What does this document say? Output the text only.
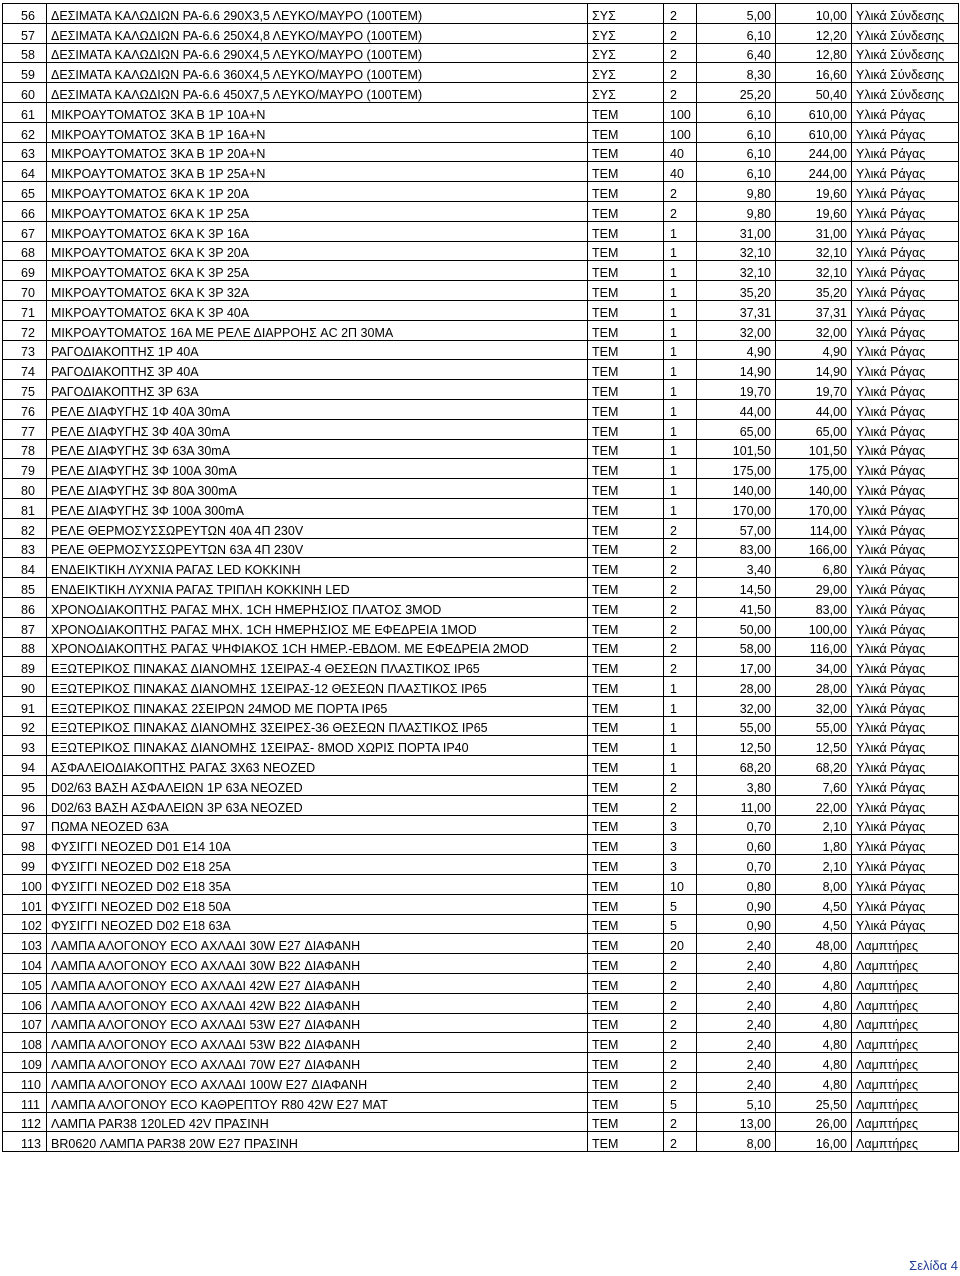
56	ΔΕΣΙΜΑΤΑ ΚΑΛΩΔΙΩΝ PA-6.6 290Χ3,5 ΛΕΥΚΟ/ΜΑΥΡΟ (100ΤΕΜ)	ΣΥΣ	2	5,00	10,00	Υλικά Σύνδεσης
57	ΔΕΣΙΜΑΤΑ ΚΑΛΩΔΙΩΝ PA-6.6 250Χ4,8 ΛΕΥΚΟ/ΜΑΥΡΟ (100ΤΕΜ)	ΣΥΣ	2	6,10	12,20	Υλικά Σύνδεσης
58	ΔΕΣΙΜΑΤΑ ΚΑΛΩΔΙΩΝ PA-6.6 290Χ4,5 ΛΕΥΚΟ/ΜΑΥΡΟ (100ΤΕΜ)	ΣΥΣ	2	6,40	12,80	Υλικά Σύνδεσης
59	ΔΕΣΙΜΑΤΑ ΚΑΛΩΔΙΩΝ PA-6.6 360Χ4,5 ΛΕΥΚΟ/ΜΑΥΡΟ (100ΤΕΜ)	ΣΥΣ	2	8,30	16,60	Υλικά Σύνδεσης
60	ΔΕΣΙΜΑΤΑ ΚΑΛΩΔΙΩΝ PA-6.6 450Χ7,5 ΛΕΥΚΟ/ΜΑΥΡΟ (100ΤΕΜ)	ΣΥΣ	2	25,20	50,40	Υλικά Σύνδεσης
61	ΜΙΚΡΟΑΥΤΟΜΑΤΟΣ 3ΚΑ Β 1Ρ 10Α+Ν	ΤΕΜ	100	6,10	610,00	Υλικά Ράγας
62	ΜΙΚΡΟΑΥΤΟΜΑΤΟΣ 3ΚΑ Β 1Ρ 16Α+Ν	ΤΕΜ	100	6,10	610,00	Υλικά Ράγας
63	ΜΙΚΡΟΑΥΤΟΜΑΤΟΣ 3ΚΑ Β 1Ρ 20Α+Ν	ΤΕΜ	40	6,10	244,00	Υλικά Ράγας
64	ΜΙΚΡΟΑΥΤΟΜΑΤΟΣ 3ΚΑ Β 1Ρ 25Α+Ν	ΤΕΜ	40	6,10	244,00	Υλικά Ράγας
65	ΜΙΚΡΟΑΥΤΟΜΑΤΟΣ 6ΚΑ Κ 1Ρ 20Α	ΤΕΜ	2	9,80	19,60	Υλικά Ράγας
66	ΜΙΚΡΟΑΥΤΟΜΑΤΟΣ 6ΚΑ Κ 1Ρ 25Α	ΤΕΜ	2	9,80	19,60	Υλικά Ράγας
67	ΜΙΚΡΟΑΥΤΟΜΑΤΟΣ 6ΚΑ Κ 3Ρ 16Α	ΤΕΜ	1	31,00	31,00	Υλικά Ράγας
68	ΜΙΚΡΟΑΥΤΟΜΑΤΟΣ 6ΚΑ Κ 3Ρ 20Α	ΤΕΜ	1	32,10	32,10	Υλικά Ράγας
69	ΜΙΚΡΟΑΥΤΟΜΑΤΟΣ 6ΚΑ Κ 3Ρ 25Α	ΤΕΜ	1	32,10	32,10	Υλικά Ράγας
70	ΜΙΚΡΟΑΥΤΟΜΑΤΟΣ 6ΚΑ Κ 3Ρ 32Α	ΤΕΜ	1	35,20	35,20	Υλικά Ράγας
71	ΜΙΚΡΟΑΥΤΟΜΑΤΟΣ 6ΚΑ Κ 3Ρ 40Α	ΤΕΜ	1	37,31	37,31	Υλικά Ράγας
72	ΜΙΚΡΟΑΥΤΟΜΑΤΟΣ 16Α ΜΕ ΡΕΛΕ ΔΙΑΡΡΟΗΣ AC 2Π 30ΜΑ	ΤΕΜ	1	32,00	32,00	Υλικά Ράγας
73	ΡΑΓΟΔΙΑΚΟΠΤΗΣ 1Ρ 40Α	ΤΕΜ	1	4,90	4,90	Υλικά Ράγας
74	ΡΑΓΟΔΙΑΚΟΠΤΗΣ 3Ρ 40Α	ΤΕΜ	1	14,90	14,90	Υλικά Ράγας
75	ΡΑΓΟΔΙΑΚΟΠΤΗΣ 3Ρ 63Α	ΤΕΜ	1	19,70	19,70	Υλικά Ράγας
76	ΡΕΛΕ ΔΙΑΦΥΓΗΣ 1Φ 40Α 30mA	ΤΕΜ	1	44,00	44,00	Υλικά Ράγας
77	ΡΕΛΕ ΔΙΑΦΥΓΗΣ 3Φ 40Α 30mA	ΤΕΜ	1	65,00	65,00	Υλικά Ράγας
78	ΡΕΛΕ ΔΙΑΦΥΓΗΣ 3Φ 63Α 30mA	ΤΕΜ	1	101,50	101,50	Υλικά Ράγας
79	ΡΕΛΕ ΔΙΑΦΥΓΗΣ 3Φ 100Α 30mA	ΤΕΜ	1	175,00	175,00	Υλικά Ράγας
80	ΡΕΛΕ ΔΙΑΦΥΓΗΣ 3Φ 80Α 300mA	ΤΕΜ	1	140,00	140,00	Υλικά Ράγας
81	ΡΕΛΕ ΔΙΑΦΥΓΗΣ 3Φ 100Α 300mA	ΤΕΜ	1	170,00	170,00	Υλικά Ράγας
82	ΡΕΛΕ ΘΕΡΜΟΣΥΣΣΩΡΕΥΤΩΝ 40Α 4Π 230V	ΤΕΜ	2	57,00	114,00	Υλικά Ράγας
83	ΡΕΛΕ ΘΕΡΜΟΣΥΣΣΩΡΕΥΤΩΝ 63Α 4Π 230V	ΤΕΜ	2	83,00	166,00	Υλικά Ράγας
84	ΕΝΔΕΙΚΤΙΚΗ ΛΥΧΝΙΑ ΡΑΓΑΣ LED ΚΟΚΚΙΝΗ	ΤΕΜ	2	3,40	6,80	Υλικά Ράγας
85	ΕΝΔΕΙΚΤΙΚΗ ΛΥΧΝΙΑ ΡΑΓΑΣ ΤΡΙΠΛΗ ΚΟΚΚΙΝΗ LED	ΤΕΜ	2	14,50	29,00	Υλικά Ράγας
86	ΧΡΟΝΟΔΙΑΚΟΠΤΗΣ ΡΑΓΑΣ ΜΗΧ. 1CH ΗΜΕΡΗΣΙΟΣ ΠΛΑΤΟΣ 3MOD	ΤΕΜ	2	41,50	83,00	Υλικά Ράγας
87	ΧΡΟΝΟΔΙΑΚΟΠΤΗΣ ΡΑΓΑΣ ΜΗΧ. 1CH ΗΜΕΡΗΣΙΟΣ ΜΕ ΕΦΕΔΡΕΙΑ 1MOD	ΤΕΜ	2	50,00	100,00	Υλικά Ράγας
88	ΧΡΟΝΟΔΙΑΚΟΠΤΗΣ ΡΑΓΑΣ ΨΗΦΙΑΚΟΣ 1CH ΗΜΕΡ.-ΕΒΔΟΜ. ΜΕ ΕΦΕΔΡΕΙΑ 2MOD	ΤΕΜ	2	58,00	116,00	Υλικά Ράγας
89	ΕΞΩΤΕΡΙΚΟΣ ΠΙΝΑΚΑΣ ΔΙΑΝΟΜΗΣ 1ΣΕΙΡΑΣ-4 ΘΕΣΕΩΝ ΠΛΑΣΤΙΚΟΣ IP65	ΤΕΜ	2	17,00	34,00	Υλικά Ράγας
90	ΕΞΩΤΕΡΙΚΟΣ ΠΙΝΑΚΑΣ ΔΙΑΝΟΜΗΣ 1ΣΕΙΡΑΣ-12 ΘΕΣΕΩΝ ΠΛΑΣΤΙΚΟΣ IP65	ΤΕΜ	1	28,00	28,00	Υλικά Ράγας
91	ΕΞΩΤΕΡΙΚΟΣ ΠΙΝΑΚΑΣ 2ΣΕΙΡΩΝ 24MOD ΜΕ ΠΟΡΤΑ IP65	ΤΕΜ	1	32,00	32,00	Υλικά Ράγας
92	ΕΞΩΤΕΡΙΚΟΣ ΠΙΝΑΚΑΣ ΔΙΑΝΟΜΗΣ 3ΣΕΙΡΕΣ-36 ΘΕΣΕΩΝ ΠΛΑΣΤΙΚΟΣ IP65	ΤΕΜ	1	55,00	55,00	Υλικά Ράγας
93	ΕΞΩΤΕΡΙΚΟΣ ΠΙΝΑΚΑΣ ΔΙΑΝΟΜΗΣ 1ΣΕΙΡΑΣ- 8MOD ΧΩΡΙΣ ΠΟΡΤΑ IP40	ΤΕΜ	1	12,50	12,50	Υλικά Ράγας
94	ΑΣΦΑΛΕΙΟΔΙΑΚΟΠΤΗΣ ΡΑΓΑΣ 3Χ63 NEOZED	ΤΕΜ	1	68,20	68,20	Υλικά Ράγας
95	D02/63 ΒΑΣΗ ΑΣΦΑΛΕΙΩΝ 1Ρ 63Α NEOZED	ΤΕΜ	2	3,80	7,60	Υλικά Ράγας
96	D02/63 ΒΑΣΗ ΑΣΦΑΛΕΙΩΝ 3Ρ 63Α NEOZED	ΤΕΜ	2	11,00	22,00	Υλικά Ράγας
97	ΠΩΜΑ NEOZED 63A	ΤΕΜ	3	0,70	2,10	Υλικά Ράγας
98	ΦΥΣΙΓΓΙ NEOZED D01 E14 10A	ΤΕΜ	3	0,60	1,80	Υλικά Ράγας
99	ΦΥΣΙΓΓΙ NEOZED D02 E18 25A	ΤΕΜ	3	0,70	2,10	Υλικά Ράγας
100	ΦΥΣΙΓΓΙ NEOZED D02 E18 35A	ΤΕΜ	10	0,80	8,00	Υλικά Ράγας
101	ΦΥΣΙΓΓΙ NEOZED D02 E18 50A	ΤΕΜ	5	0,90	4,50	Υλικά Ράγας
102	ΦΥΣΙΓΓΙ NEOZED D02 E18 63A	ΤΕΜ	5	0,90	4,50	Υλικά Ράγας
103	ΛΑΜΠΑ ΑΛΟΓΟΝΟΥ ECO ΑΧΛΑΔΙ 30W E27 ΔΙΑΦΑΝΗ	ΤΕΜ	20	2,40	48,00	Λαμπτήρες
104	ΛΑΜΠΑ ΑΛΟΓΟΝΟΥ ECO ΑΧΛΑΔΙ 30W B22 ΔΙΑΦΑΝΗ	ΤΕΜ	2	2,40	4,80	Λαμπτήρες
105	ΛΑΜΠΑ ΑΛΟΓΟΝΟΥ ECO ΑΧΛΑΔΙ 42W E27 ΔΙΑΦΑΝΗ	ΤΕΜ	2	2,40	4,80	Λαμπτήρες
106	ΛΑΜΠΑ ΑΛΟΓΟΝΟΥ ECO ΑΧΛΑΔΙ 42W B22 ΔΙΑΦΑΝΗ	ΤΕΜ	2	2,40	4,80	Λαμπτήρες
107	ΛΑΜΠΑ ΑΛΟΓΟΝΟΥ ECO ΑΧΛΑΔΙ 53W E27 ΔΙΑΦΑΝΗ	ΤΕΜ	2	2,40	4,80	Λαμπτήρες
108	ΛΑΜΠΑ ΑΛΟΓΟΝΟΥ ECO ΑΧΛΑΔΙ 53W B22 ΔΙΑΦΑΝΗ	ΤΕΜ	2	2,40	4,80	Λαμπτήρες
109	ΛΑΜΠΑ ΑΛΟΓΟΝΟΥ ECO ΑΧΛΑΔΙ 70W E27 ΔΙΑΦΑΝΗ	ΤΕΜ	2	2,40	4,80	Λαμπτήρες
110	ΛΑΜΠΑ ΑΛΟΓΟΝΟΥ ECO ΑΧΛΑΔΙ 100W E27 ΔΙΑΦΑΝΗ	ΤΕΜ	2	2,40	4,80	Λαμπτήρες
111	ΛΑΜΠΑ ΑΛΟΓΟΝΟΥ ECO ΚΑΘΡΕΠΤΟΥ R80 42W E27 MAT	ΤΕΜ	5	5,10	25,50	Λαμπτήρες
112	ΛΑΜΠΑ PAR38 120LED 42V ΠΡΑΣΙΝΗ	ΤΕΜ	2	13,00	26,00	Λαμπτήρες
113	BR0620 ΛΑΜΠΑ PAR38 20W E27 ΠΡΑΣΙΝΗ	ΤΕΜ	2	8,00	16,00	Λαμπτήρες
Σελίδα 4
